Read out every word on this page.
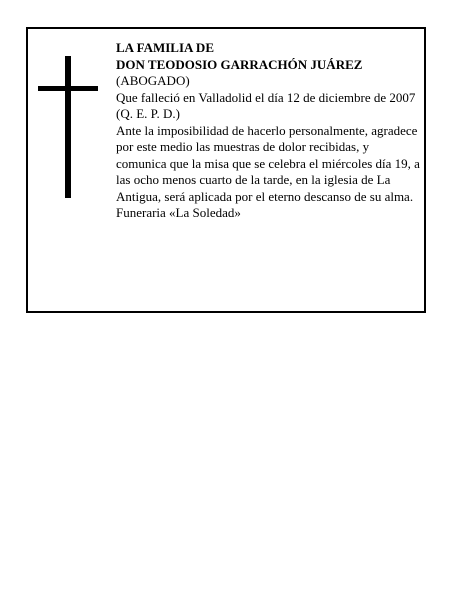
LA FAMILIA DE

DON TEODOSIO GARRACHÓN JUÁREZ

(ABOGADO)

Que falleció en Valladolid el día 12 de diciembre de 2007

(Q. E. P. D.)

Ante la imposibilidad de hacerlo personalmente, agradece por este medio las muestras de dolor recibidas, y comunica que la misa que se celebra el miércoles día 19, a las ocho menos cuarto de la tarde, en la iglesia de La Antigua, será aplicada por el eterno descanso de su alma.

Funeraria «La Soledad»
